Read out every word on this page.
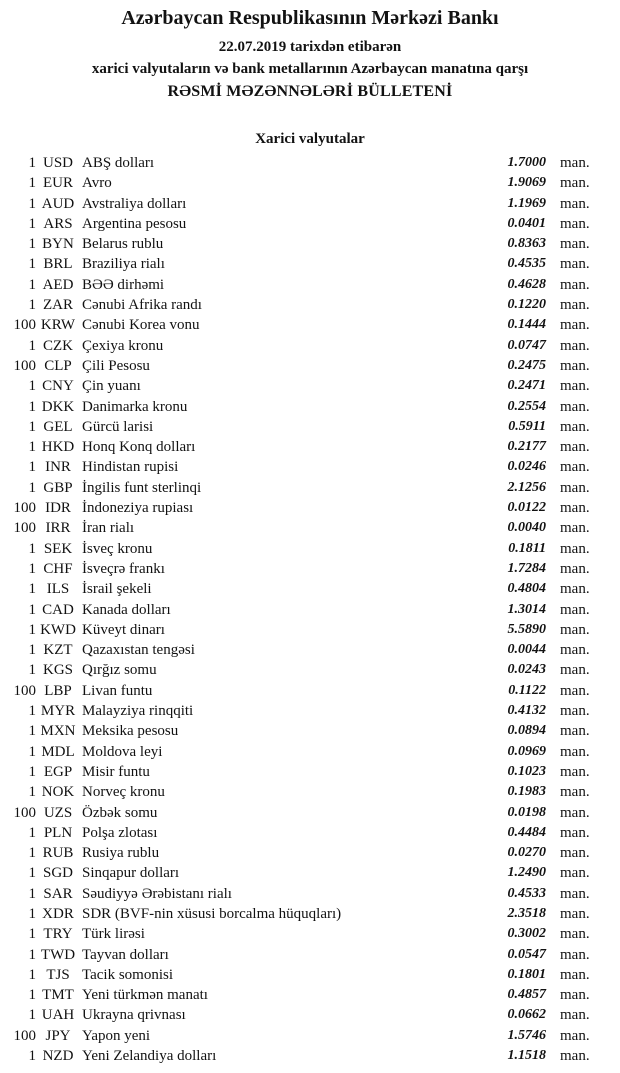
Azərbaycan Respublikasının Mərkəzi Bankı
22.07.2019 tarixdən etibarən
xarici valyutaların və bank metallarının Azərbaycan manatına qarşı
RƏSMİ MƏZƏNNƏLƏRİ BÜLLETENİ
Xarici valyutalar
1 USD ABŞ dolları	1.7000 man.
1 EUR Avro	1.9069 man.
1 AUD Avstraliya dolları	1.1969 man.
1 ARS Argentina pesosu	0.0401 man.
1 BYN Belarus rublu	0.8363 man.
1 BRL Braziliya rialı	0.4535 man.
1 AED BƏƏ dirhəmi	0.4628 man.
1 ZAR Cənubi Afrika randı	0.1220 man.
100 KRW Cənubi Korea vonu	0.1444 man.
1 CZK Çexiya kronu	0.0747 man.
100 CLP Çili Pesosu	0.2475 man.
1 CNY Çin yuanı	0.2471 man.
1 DKK Danimarka kronu	0.2554 man.
1 GEL Gürcü larisi	0.5911 man.
1 HKD Honq Konq dolları	0.2177 man.
1 INR Hindistan rupisi	0.0246 man.
1 GBP İngilis funt sterlinqi	2.1256 man.
100 IDR İndoneziya rupiası	0.0122 man.
100 IRR İran rialı	0.0040 man.
1 SEK İsveç kronu	0.1811 man.
1 CHF İsveçrə frankı	1.7284 man.
1 ILS İsrail şekeli	0.4804 man.
1 CAD Kanada dolları	1.3014 man.
1 KWD Küveyt dinarı	5.5890 man.
1 KZT Qazaxıstan tengəsi	0.0044 man.
1 KGS Qırğız somu	0.0243 man.
100 LBP Livan funtu	0.1122 man.
1 MYR Malayziya rinqqiti	0.4132 man.
1 MXN Meksika pesosu	0.0894 man.
1 MDL Moldova leyi	0.0969 man.
1 EGP Misir funtu	0.1023 man.
1 NOK Norveç kronu	0.1983 man.
100 UZS Özbək somu	0.0198 man.
1 PLN Polşa zlotası	0.4484 man.
1 RUB Rusiya rublu	0.0270 man.
1 SGD Sinqapur dolları	1.2490 man.
1 SAR Səudiyyə Ərəbistanı rialı	0.4533 man.
1 XDR SDR (BVF-nin xüsusi borcalma hüquqları)	2.3518 man.
1 TRY Türk lirəsi	0.3002 man.
1 TWD Tayvan dolları	0.0547 man.
1 TJS Tacik somonisi	0.1801 man.
1 TMT Yeni türkmən manatı	0.4857 man.
1 UAH Ukrayna qrivnası	0.0662 man.
100 JPY Yapon yeni	1.5746 man.
1 NZD Yeni Zelandiya dolları	1.1518 man.
